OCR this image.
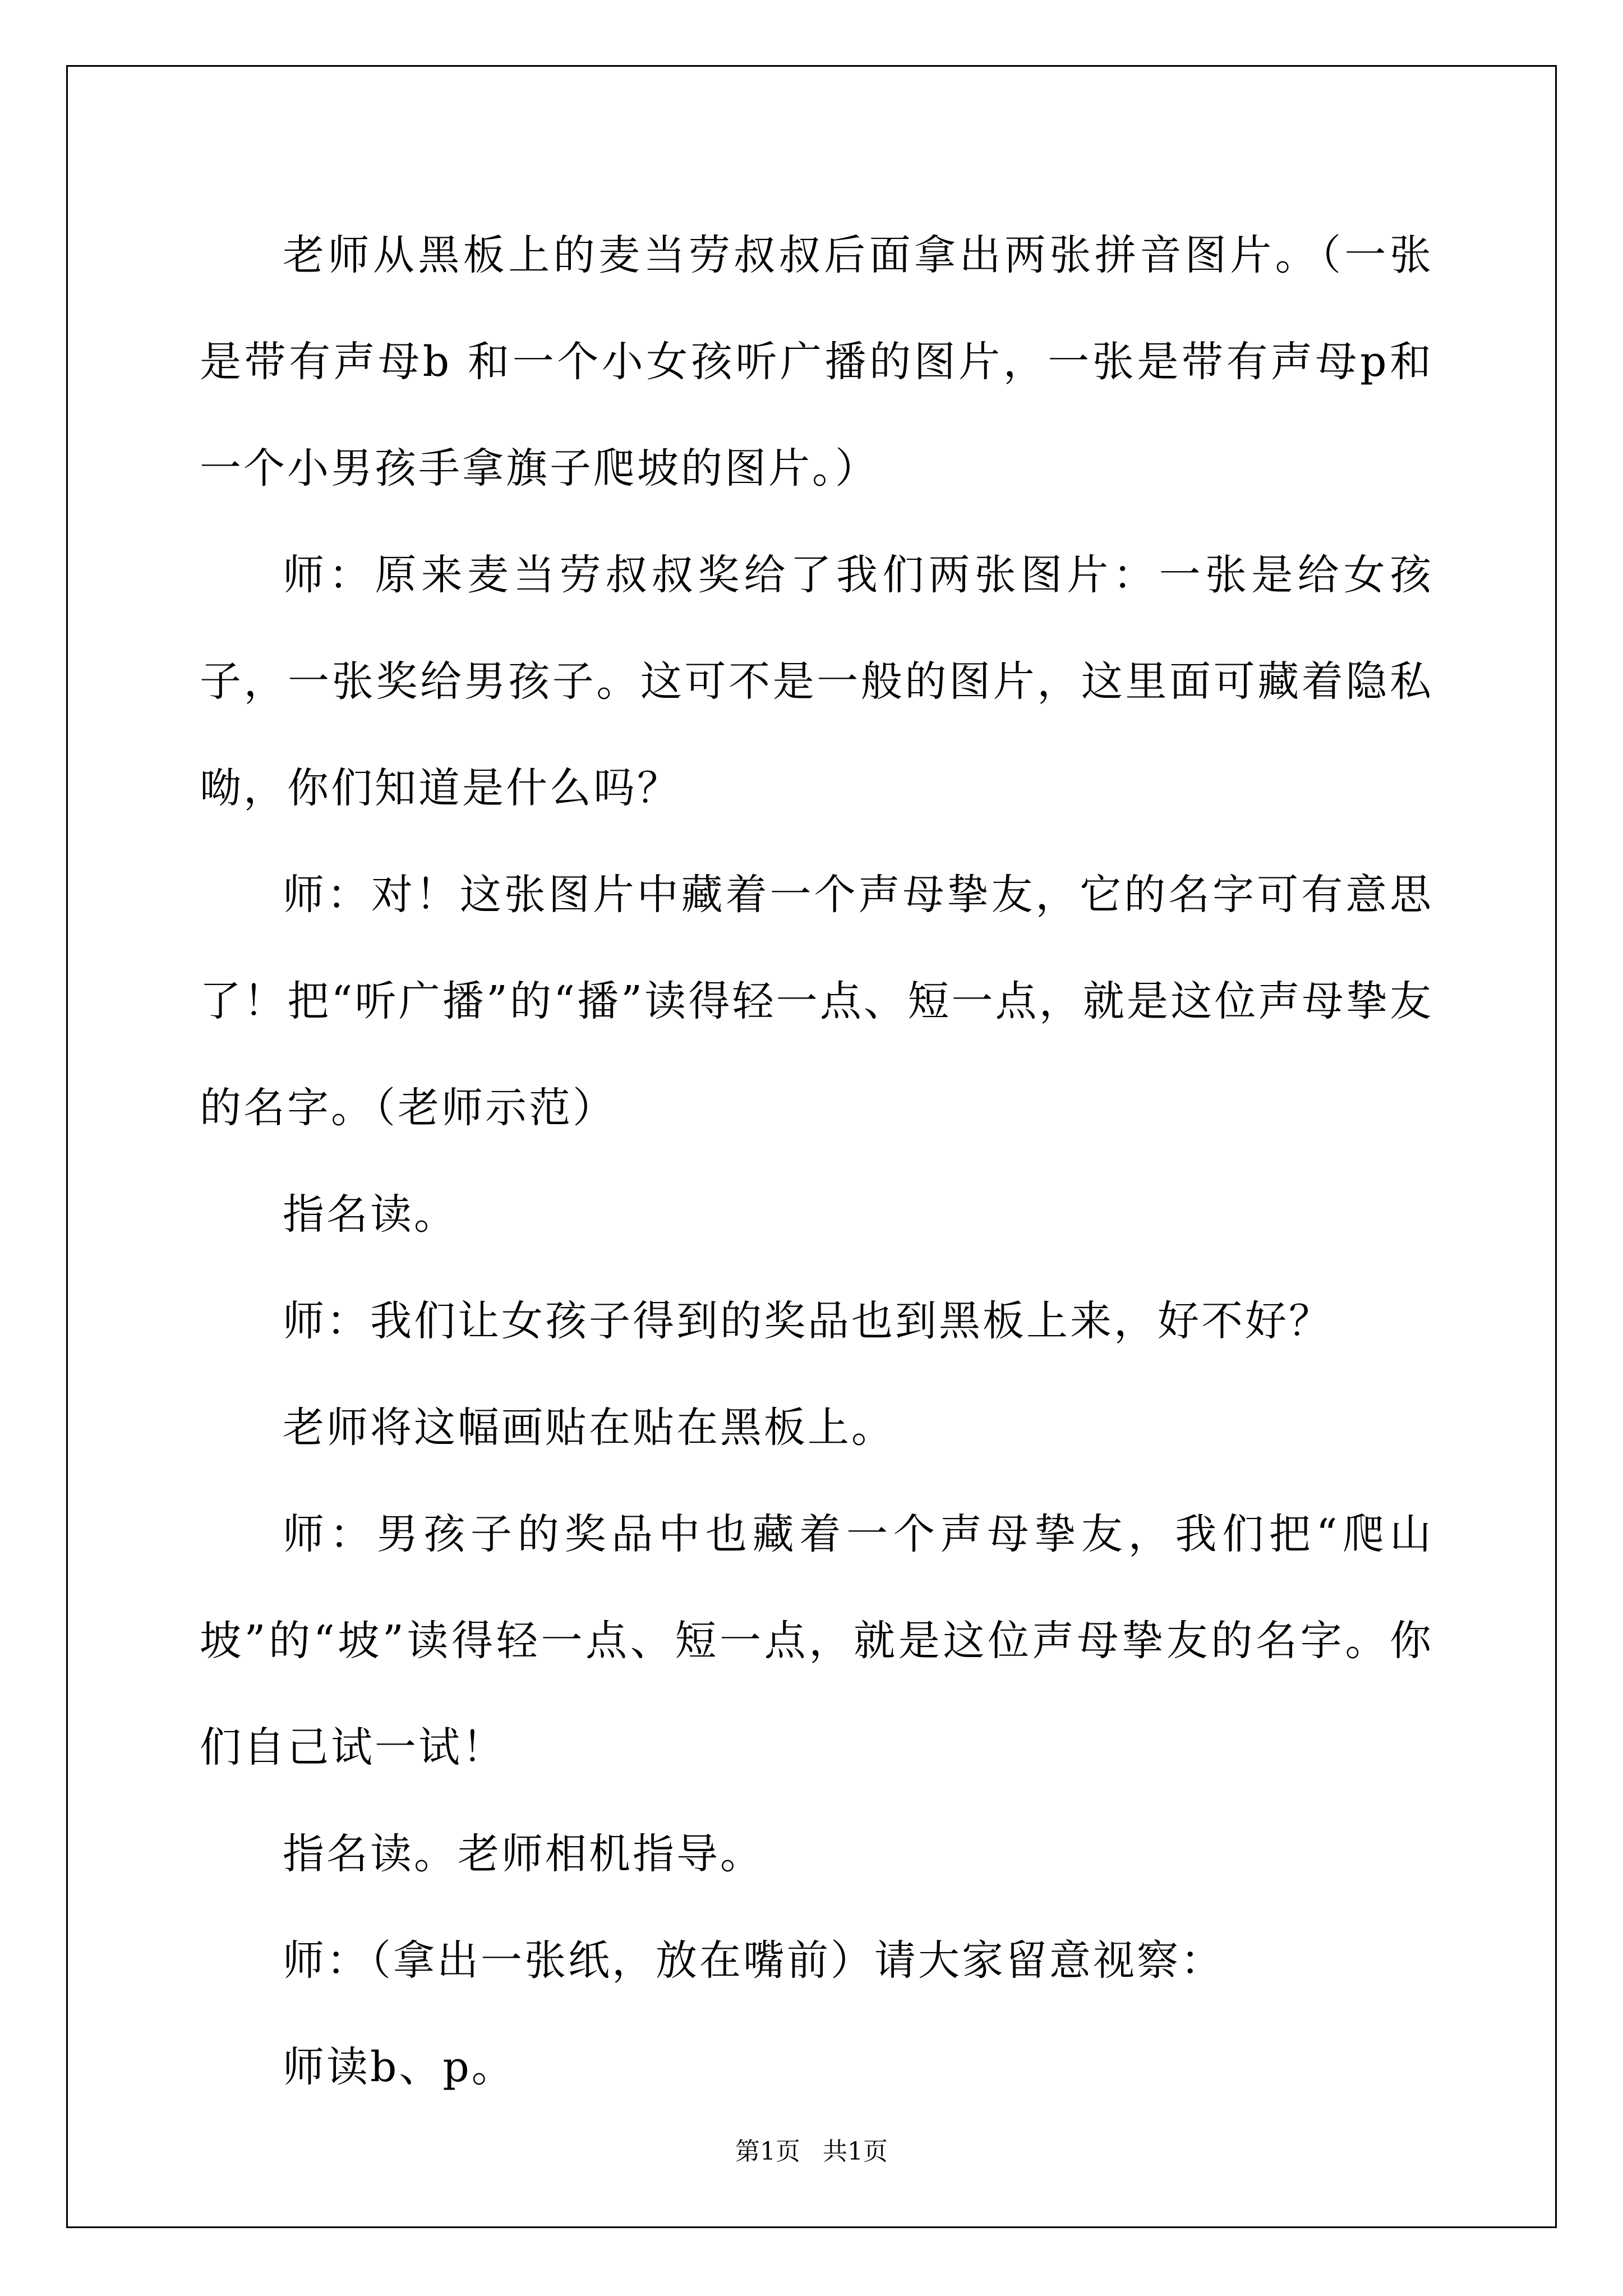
老师从黑板上的麦当劳叔叔后面拿出两张拼音图片。（一张是带有声母b 和一个小女孩听广播的图片，一张是带有声母p和一个小男孩手拿旗子爬坡的图片。）

师：原来麦当劳叔叔奖给了我们两张图片：一张是给女孩子，一张奖给男孩子。这可不是一般的图片，这里面可藏着隐私呦，你们知道是什么吗？

师：对！这张图片中藏着一个声母挚友，它的名字可有意思了！把“听广播”的“播”读得轻一点、短一点，就是这位声母挚友的名字。（老师示范）

指名读。

师：我们让女孩子得到的奖品也到黑板上来，好不好？

老师将这幅画贴在贴在黑板上。

师：男孩子的奖品中也藏着一个声母挚友，我们把“爬山坡”的“坡”读得轻一点、短一点，就是这位声母挚友的名字。你们自己试一试！

指名读。老师相机指导。

师：（拿出一张纸，放在嘴前）请大家留意视察：

师读b、p。

第1页 共1页
